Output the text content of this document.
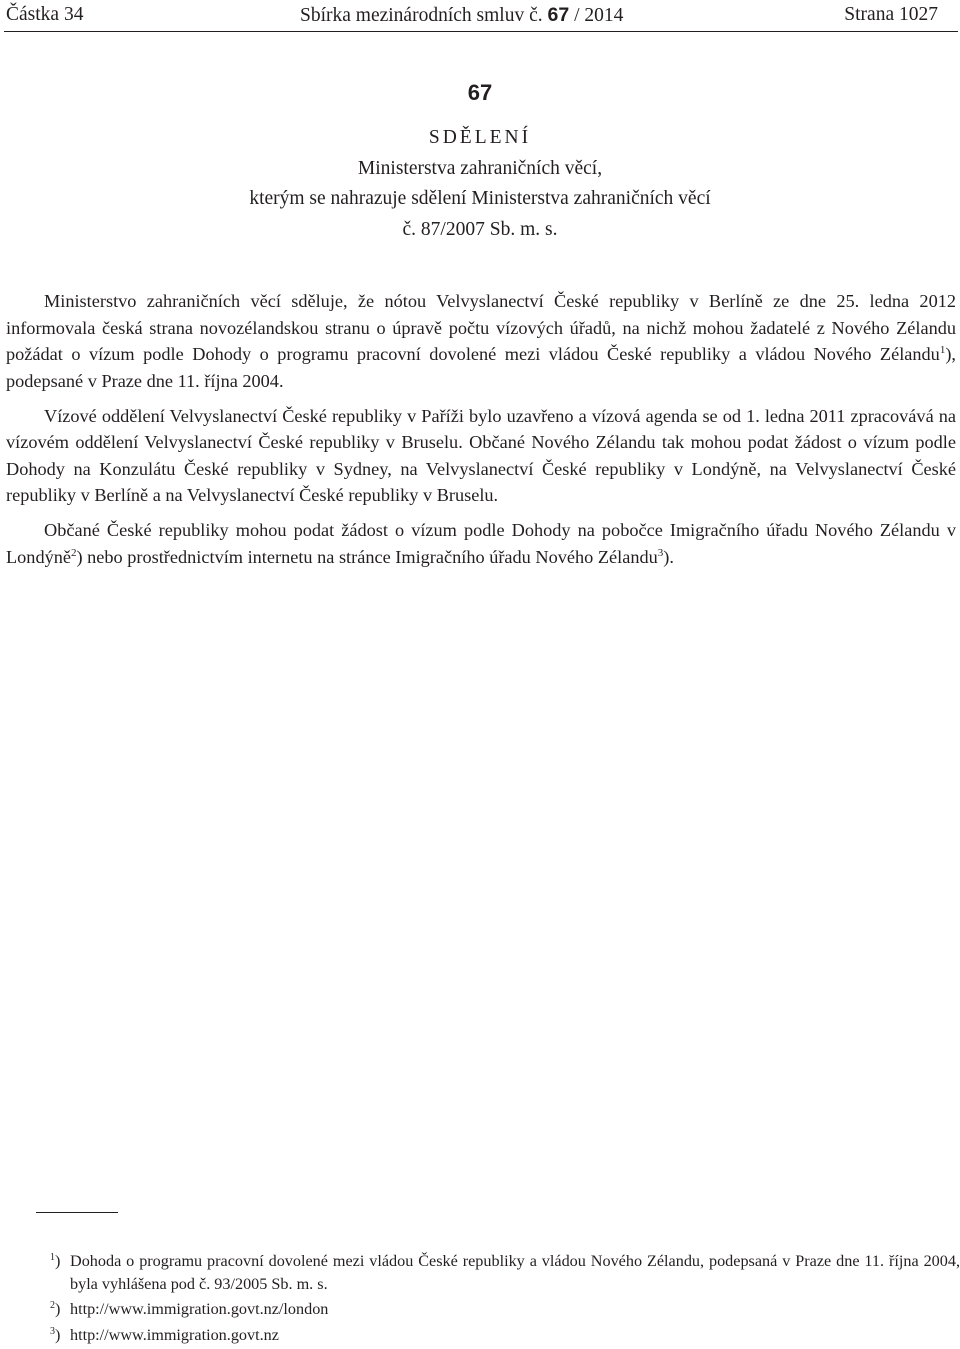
Částka 34	Sbírka mezinárodních smluv č. 67 / 2014	Strana 1027
67
SDĚLENÍ
Ministerstva zahraničních věcí,
kterým se nahrazuje sdělení Ministerstva zahraničních věcí
č. 87/2007 Sb. m. s.

Ministerstvo zahraničních věcí sděluje, že nótou Velvyslanectví České republiky v Berlíně ze dne 25. ledna 2012 informovala česká strana novozélandskou stranu o úpravě počtu vízových úřadů, na nichž mohou žadatelé z Nového Zélandu požádat o vízum podle Dohody o programu pracovní dovolené mezi vládou České republiky a vládou Nového Zélandu$^1$), podepsané v Praze dne 11. října 2004.

Vízové oddělení Velvyslanectví České republiky v Paříži bylo uzavřeno a vízová agenda se od 1. ledna 2011 zpracovává na vízovém oddělení Velvyslanectví České republiky v Bruselu. Občané Nového Zélandu tak mohou podat žádost o vízum podle Dohody na Konzulátu České republiky v Sydney, na Velvyslanectví České republiky v Londýně, na Velvyslanectví České republiky v Berlíně a na Velvyslanectví České republiky v Bruselu.

Občané České republiky mohou podat žádost o vízum podle Dohody na pobočce Imigračního úřadu Nového Zélandu v Londýně$^2$) nebo prostřednictvím internetu na stránce Imigračního úřadu Nového Zélandu$^3$).

$^1$) Dohoda o programu pracovní dovolené mezi vládou České republiky a vládou Nového Zélandu, podepsaná v Praze dne 11. října 2004, byla vyhlášena pod č. 93/2005 Sb. m. s.
$^2$) http://www.immigration.govt.nz/london
$^3$) http://www.immigration.govt.nz
